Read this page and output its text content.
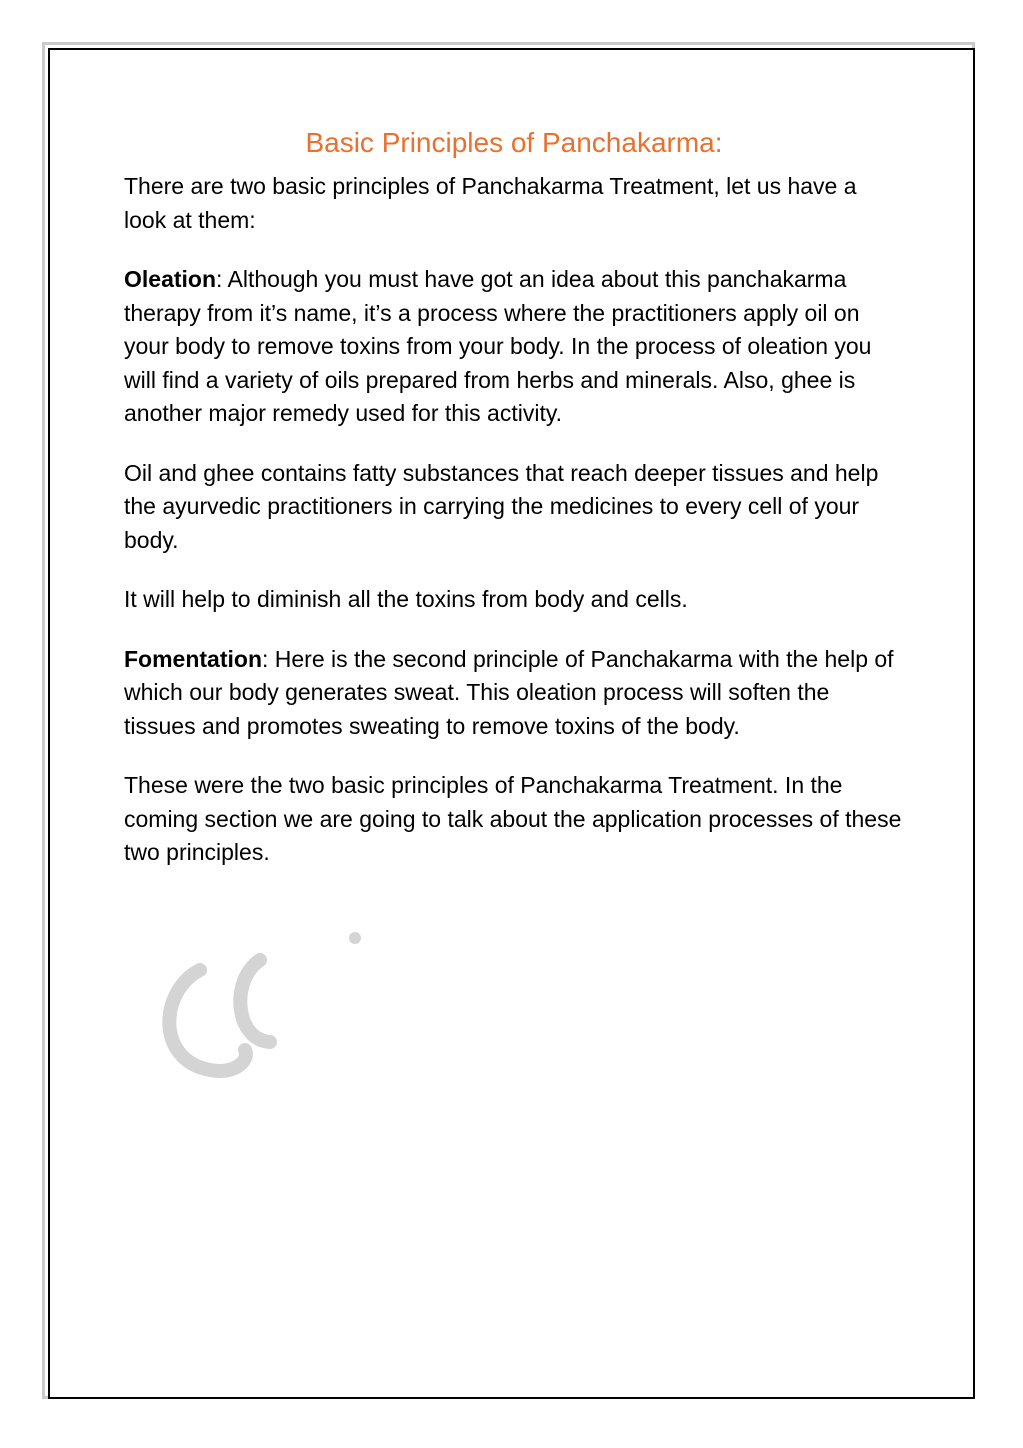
Basic Principles of Panchakarma:

There are two basic principles of Panchakarma Treatment, let us have a look at them:

Oleation: Although you must have got an idea about this panchakarma therapy from it’s name, it’s a process where the practitioners apply oil on your body to remove toxins from your body. In the process of oleation you will find a variety of oils prepared from herbs and minerals. Also, ghee is another major remedy used for this activity.

Oil and ghee contains fatty substances that reach deeper tissues and help the ayurvedic practitioners in carrying the medicines to every cell of your body.

It will help to diminish all the toxins from body and cells.

Fomentation: Here is the second principle of Panchakarma with the help of which our body generates sweat. This oleation process will soften the tissues and promotes sweating to remove toxins of the body.

These were the two basic principles of Panchakarma Treatment. In the coming section we are going to talk about the application processes of these two principles.
